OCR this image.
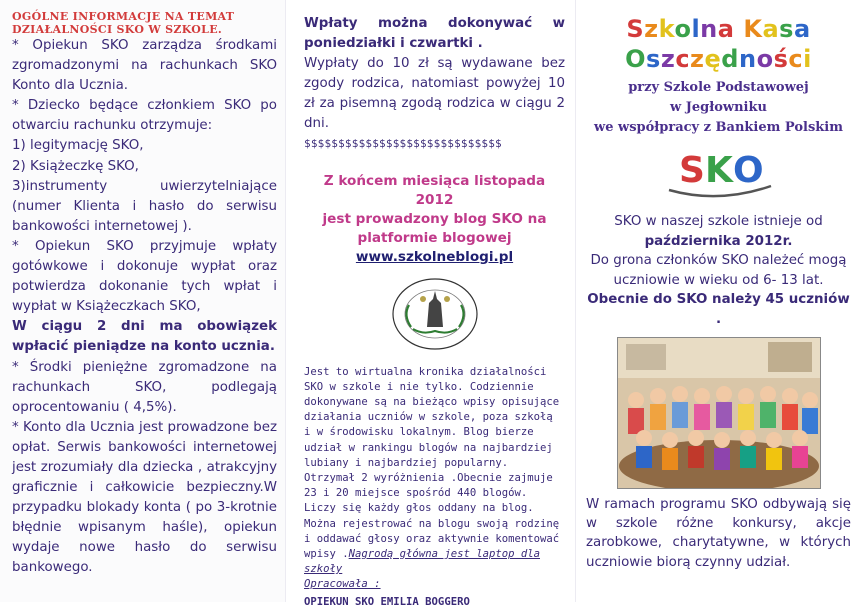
OGÓLNE INFORMACJE NA TEMAT
DZIAŁALNOŚCI SKO W SZKOLE.
* Opiekun SKO zarządza środkami zgromadzonymi na rachunkach SKO Konto dla Ucznia.
* Dziecko będące członkiem SKO po otwarciu rachunku otrzymuje:
1) legitymację SKO,
2) Książeczkę SKO,
3)instrumenty uwierzytelniające (numer Klienta i hasło do serwisu bankowości internetowej ).
* Opiekun SKO przyjmuje wpłaty gotówkowe i dokonuje wypłat oraz potwierdza dokonanie tych wpłat i wypłat w Książeczkach SKO,
W ciągu 2 dni ma obowiązek wpłacić pieniądze na konto ucznia.
* Środki pieniężne zgromadzone na rachunkach SKO, podlegają oprocentowaniu ( 4,5%).
* Konto dla Ucznia jest prowadzone bez opłat. Serwis bankowości internetowej jest zrozumiały dla dziecka , atrakcyjny graficznie i całkowicie bezpieczny.W przypadku blokady konta ( po 3-krotnie błędnie wpisanym haśle), opiekun wydaje nowe hasło do serwisu bankowego.
Wpłaty można dokonywać w poniedziałki i czwartki .
Wypłaty do 10 zł są wydawane bez zgody rodzica, natomiast powyżej 10 zł za pisemną zgodą rodzica w ciągu 2 dni.
$$$$$$$$$$$$$$$$$$$$$$$$$$$$$
Z końcem miesiąca listopada 2012
jest prowadzony blog SKO na
platformie blogowej
www.szkolneblogi.pl
Jest to wirtualna kronika działalności SKO w szkole i nie tylko. Codziennie dokonywane są na bieżąco wpisy opisujące działania uczniów w szkole, poza szkołą i w środowisku lokalnym. Blog bierze udział w rankingu blogów na najbardziej lubiany i najbardziej popularny. Otrzymał 2 wyróżnienia .Obecnie zajmuje 23 i 20 miejsce spośród 440 blogów. Liczy się każdy głos oddany na blog. Można rejestrować na blogu swoją rodzinę i oddawać głosy oraz aktywnie komentować wpisy .Nagrodą główna jest laptop dla szkoły
Opracowała :
OPIEKUN SKO EMILIA BOGGERO
Szkolna Kasa
Oszczędności
przy Szkole Podstawowej
w Jegłowniku
we współpracy z Bankiem Polskim
S K O
SKO w naszej szkole istnieje od
października 2012r.
Do grona członków SKO należeć mogą uczniowie w wieku od 6- 13 lat.
Obecnie do SKO należy 45 uczniów .
W ramach programu SKO odbywają się w szkole różne konkursy, akcje zarobkowe, charytatywne, w których uczniowie biorą czynny udział.
